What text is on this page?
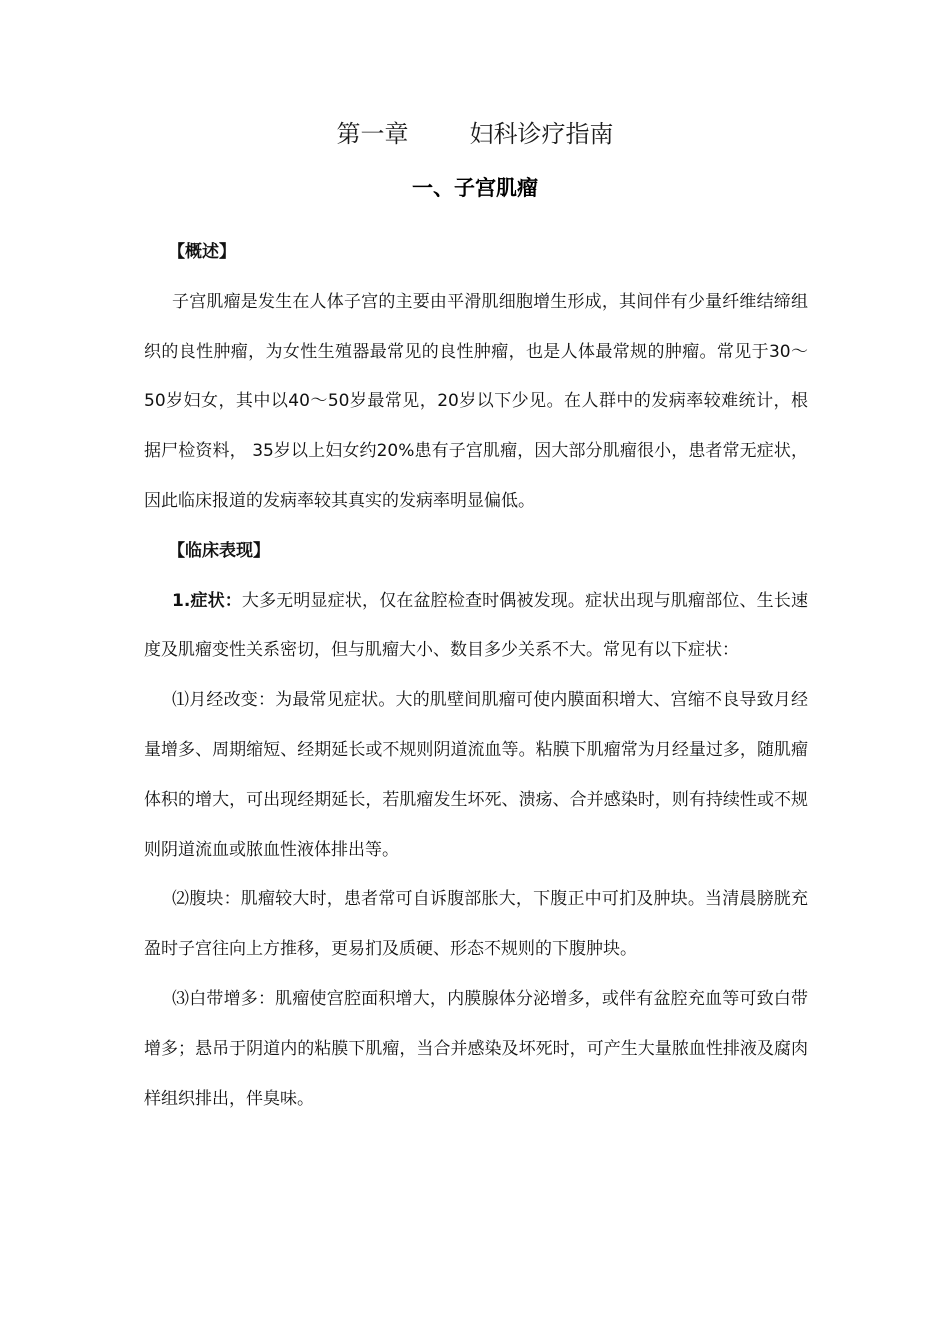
第一章        妇科诊疗指南
一、子宫肌瘤

【概述】

子宫肌瘤是发生在人体子宫的主要由平滑肌细胞增生形成，其间伴有少量纤维结缔组织的良性肿瘤，为女性生殖器最常见的良性肿瘤，也是人体最常规的肿瘤。常见于30～50岁妇女，其中以40～50岁最常见，20岁以下少见。在人群中的发病率较难统计，根据尸检资料， 35岁以上妇女约20%患有子宫肌瘤，因大部分肌瘤很小，患者常无症状，因此临床报道的发病率较其真实的发病率明显偏低。

【临床表现】

1.症状：大多无明显症状，仅在盆腔检查时偶被发现。症状出现与肌瘤部位、生长速度及肌瘤变性关系密切，但与肌瘤大小、数目多少关系不大。常见有以下症状：

⑴月经改变：为最常见症状。大的肌壁间肌瘤可使内膜面积增大、宫缩不良导致月经量增多、周期缩短、经期延长或不规则阴道流血等。粘膜下肌瘤常为月经量过多，随肌瘤体积的增大，可出现经期延长，若肌瘤发生坏死、溃疡、合并感染时，则有持续性或不规则阴道流血或脓血性液体排出等。

⑵腹块：肌瘤较大时，患者常可自诉腹部胀大，下腹正中可扪及肿块。当清晨膀胱充盈时子宫往向上方推移，更易扪及质硬、形态不规则的下腹肿块。

⑶白带增多：肌瘤使宫腔面积增大，内膜腺体分泌增多，或伴有盆腔充血等可致白带增多；悬吊于阴道内的粘膜下肌瘤，当合并感染及坏死时，可产生大量脓血性排液及腐肉样组织排出，伴臭味。
